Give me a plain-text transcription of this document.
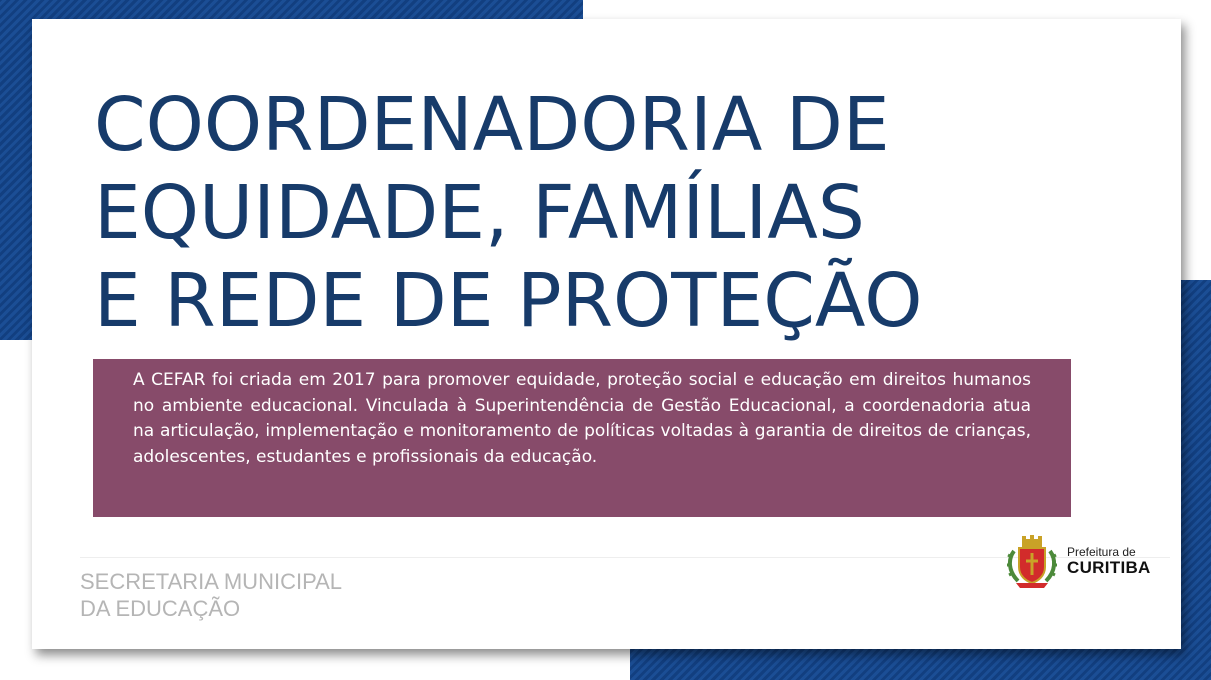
COORDENADORIA DE
EQUIDADE, FAMÍLIAS
E REDE DE PROTEÇÃO

A CEFAR foi criada em 2017 para promover equidade, proteção social e educação em direitos humanos no ambiente educacional. Vinculada à Superintendência de Gestão Educacional, a coordenadoria atua na articulação, implementação e monitoramento de políticas voltadas à garantia de direitos de crianças, adolescentes, estudantes e profissionais da educação.

SECRETARIA MUNICIPAL
DA EDUCAÇÃO
Prefeitura de
CURITIBA
